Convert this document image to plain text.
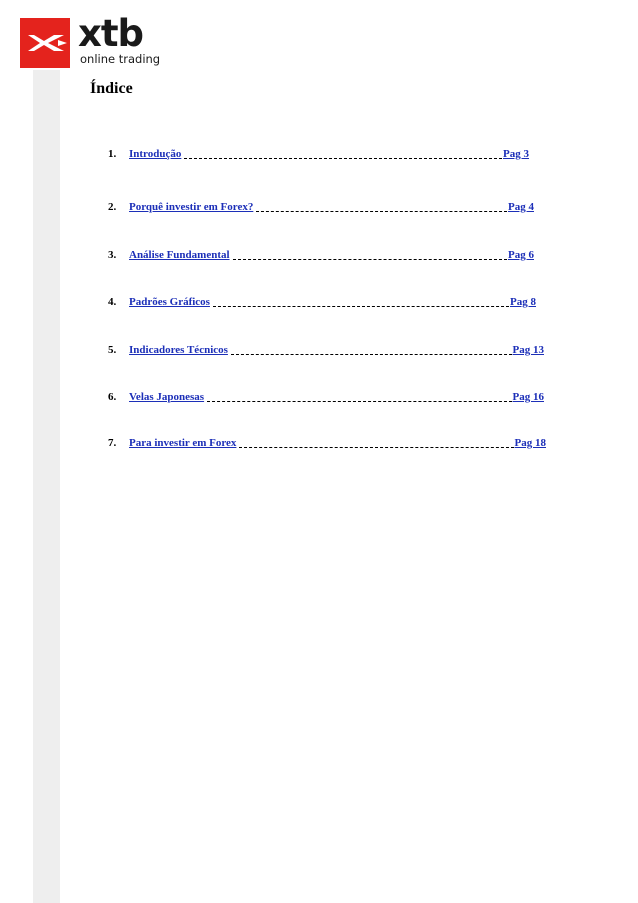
xtb
online trading
Índice
1.	Introdução	Pag 3
2.	Porquê investir em Forex?	Pag 4
3.	Análise Fundamental	Pag 6
4.	Padrões Gráficos	Pag 8
5.	Indicadores Técnicos	Pag 13
6.	Velas Japonesas	Pag 16
7.	Para investir em Forex	Pag 18
